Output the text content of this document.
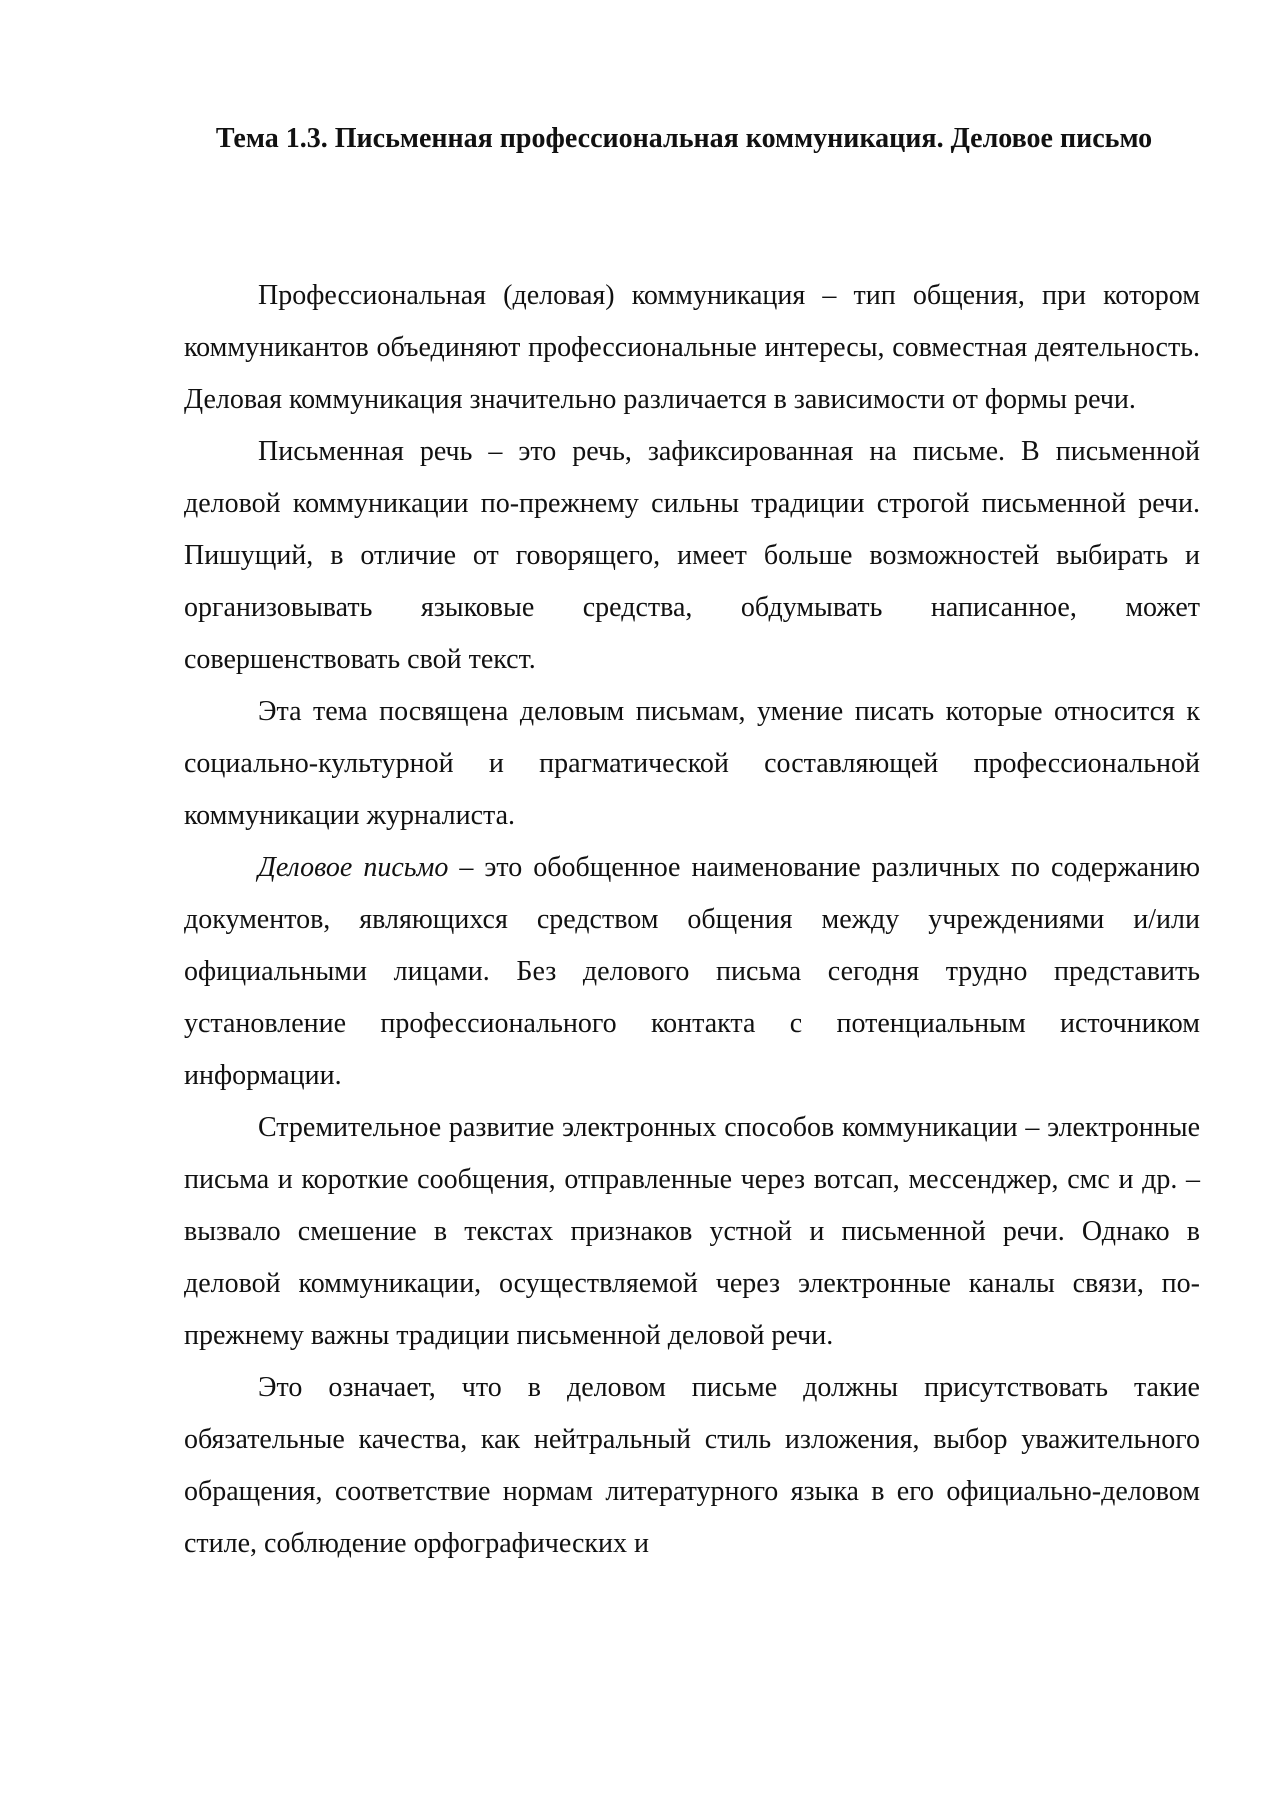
Тема 1.3. Письменная профессиональная коммуникация. Деловое письмо

Профессиональная (деловая) коммуникация – тип общения, при котором коммуникантов объединяют профессиональные интересы, совместная деятельность. Деловая коммуникация значительно различается в зависимости от формы речи.

Письменная речь – это речь, зафиксированная на письме. В письменной деловой коммуникации по-прежнему сильны традиции строгой письменной речи. Пишущий, в отличие от говорящего, имеет больше возможностей выбирать и организовывать языковые средства, обдумывать написанное, может совершенствовать свой текст.

Эта тема посвящена деловым письмам, умение писать которые относится к социально-культурной и прагматической составляющей профессиональной коммуникации журналиста.

Деловое письмо – это обобщенное наименование различных по содержанию документов, являющихся средством общения между учреждениями и/или официальными лицами. Без делового письма сегодня трудно представить установление профессионального контакта с потенциальным источником информации.

Стремительное развитие электронных способов коммуникации – электронные письма и короткие сообщения, отправленные через вотсап, мессенджер, смс и др. – вызвало смешение в текстах признаков устной и письменной речи. Однако в деловой коммуникации, осуществляемой через электронные каналы связи, по-прежнему важны традиции письменной деловой речи.

Это означает, что в деловом письме должны присутствовать такие обязательные качества, как нейтральный стиль изложения, выбор уважительного обращения, соответствие нормам литературного языка в его официально-деловом стиле, соблюдение орфографических и
